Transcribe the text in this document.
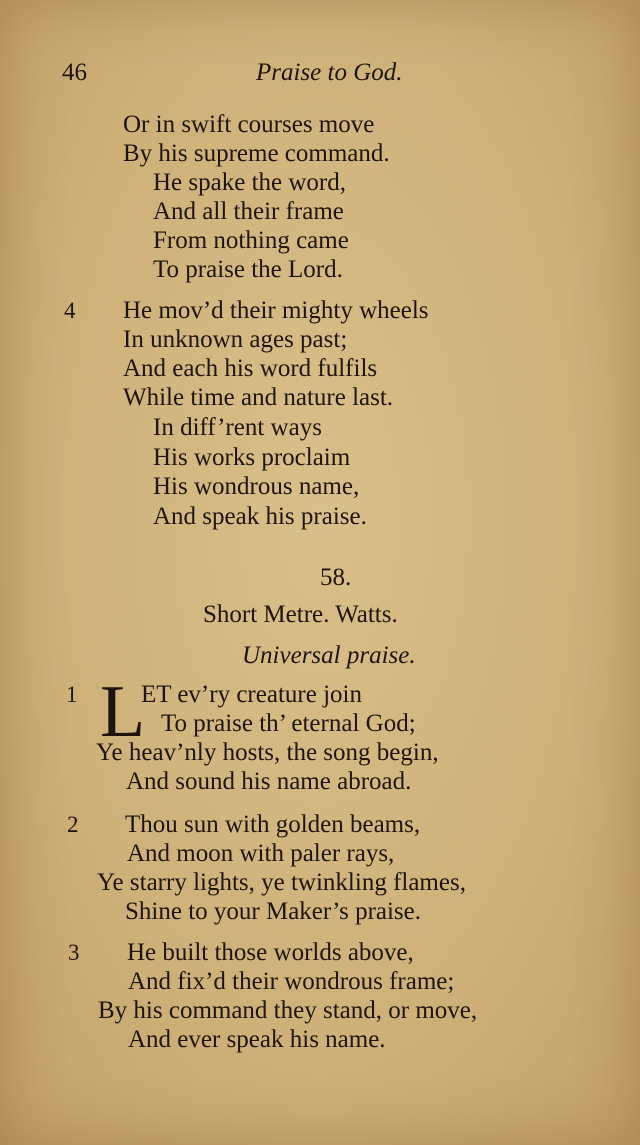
46	Praise to God.
Or in swift courses move
By his supreme command.
He spake the word,
And all their frame
From nothing came
To praise the Lord.
4 He mov’d their mighty wheels
In unknown ages past;
And each his word fulfils
While time and nature last.
In diff’rent ways
His works proclaim
His wondrous name,
And speak his praise.
58.
Short Metre. Watts.
Universal praise.
1 L
ET ev’ry creature join
To praise th’ eternal God;
Ye heav’nly hosts, the song begin,
And sound his name abroad.
2 Thou sun with golden beams,
And moon with paler rays,
Ye starry lights, ye twinkling flames,
Shine to your Maker’s praise.
3 He built those worlds above,
And fix’d their wondrous frame;
By his command they stand, or move,
And ever speak his name.
